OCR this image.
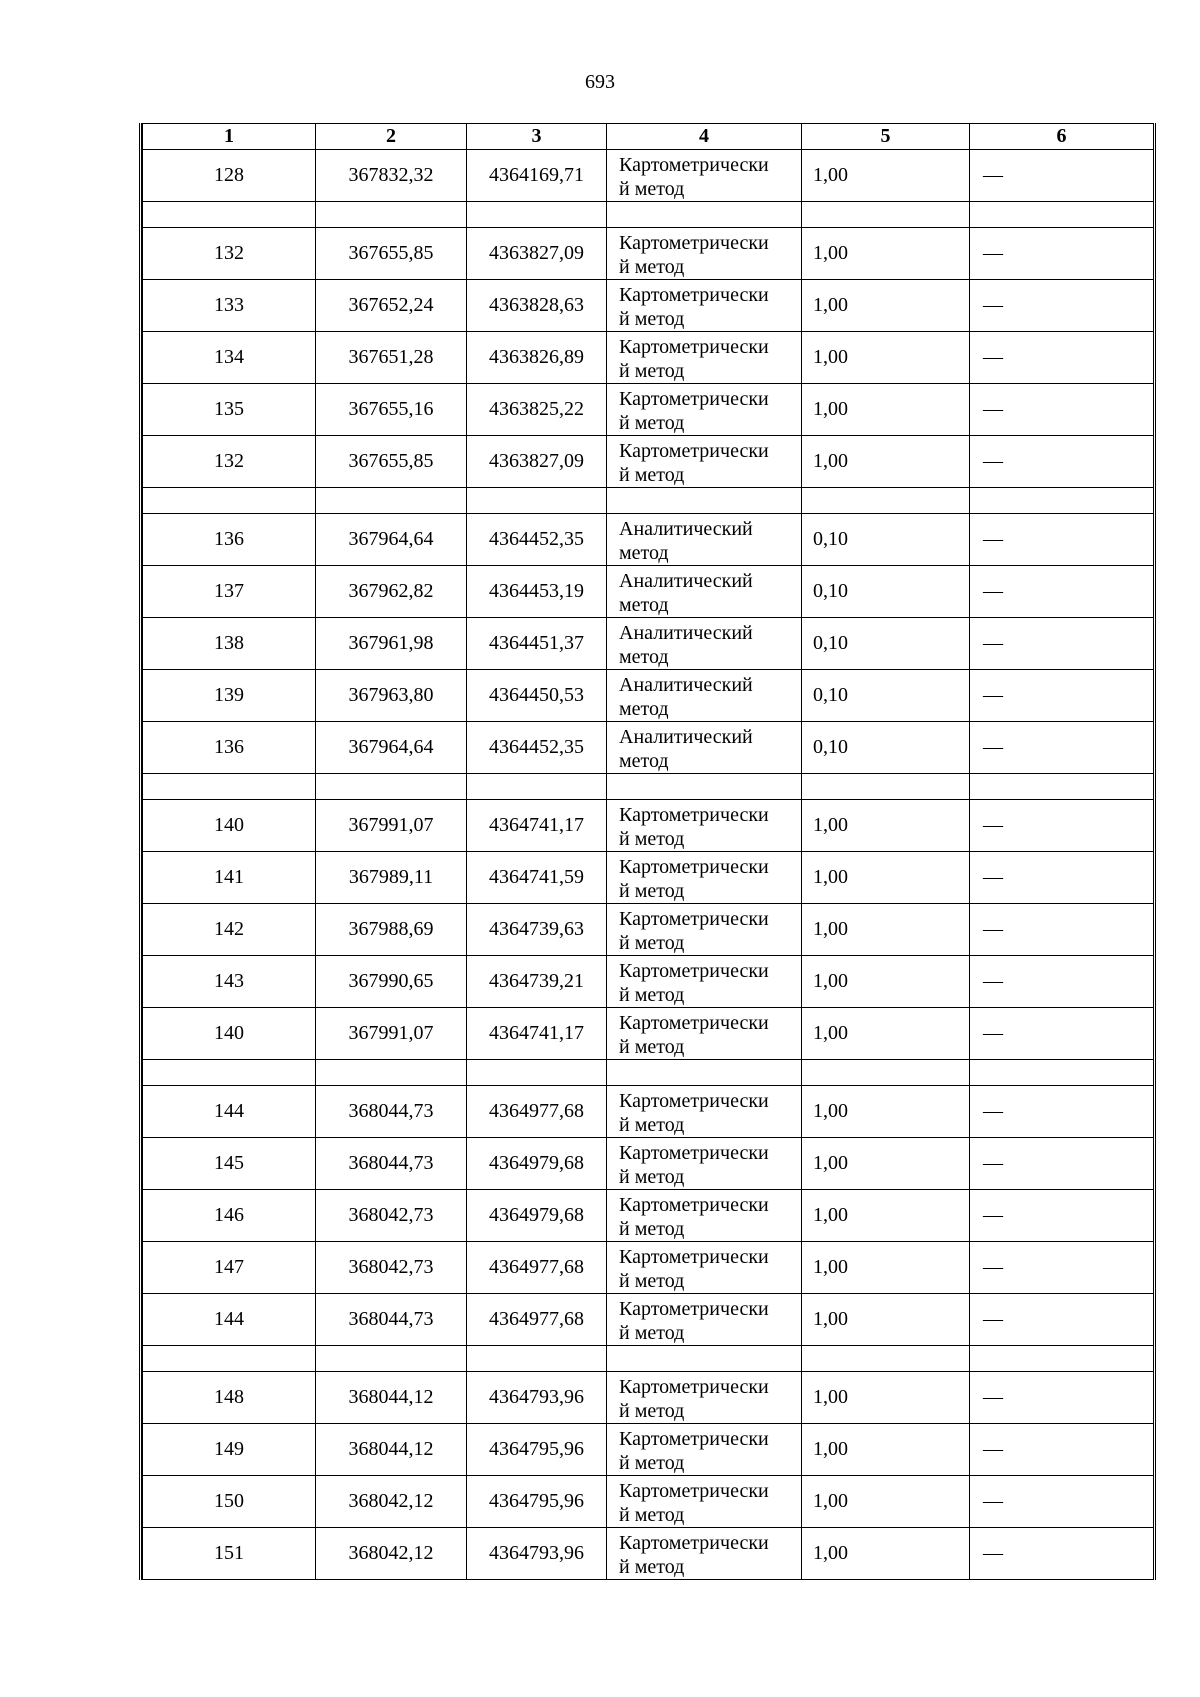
693
1	2	3	4	5	6
128	367832,32	4364169,71	Картометрически
й метод	1,00	—

132	367655,85	4363827,09	Картометрически
й метод	1,00	—
133	367652,24	4363828,63	Картометрически
й метод	1,00	—
134	367651,28	4363826,89	Картометрически
й метод	1,00	—
135	367655,16	4363825,22	Картометрически
й метод	1,00	—
132	367655,85	4363827,09	Картометрически
й метод	1,00	—

136	367964,64	4364452,35	Аналитический
метод	0,10	—
137	367962,82	4364453,19	Аналитический
метод	0,10	—
138	367961,98	4364451,37	Аналитический
метод	0,10	—
139	367963,80	4364450,53	Аналитический
метод	0,10	—
136	367964,64	4364452,35	Аналитический
метод	0,10	—

140	367991,07	4364741,17	Картометрически
й метод	1,00	—
141	367989,11	4364741,59	Картометрически
й метод	1,00	—
142	367988,69	4364739,63	Картометрически
й метод	1,00	—
143	367990,65	4364739,21	Картометрически
й метод	1,00	—
140	367991,07	4364741,17	Картометрически
й метод	1,00	—

144	368044,73	4364977,68	Картометрически
й метод	1,00	—
145	368044,73	4364979,68	Картометрически
й метод	1,00	—
146	368042,73	4364979,68	Картометрически
й метод	1,00	—
147	368042,73	4364977,68	Картометрически
й метод	1,00	—
144	368044,73	4364977,68	Картометрически
й метод	1,00	—

148	368044,12	4364793,96	Картометрически
й метод	1,00	—
149	368044,12	4364795,96	Картометрически
й метод	1,00	—
150	368042,12	4364795,96	Картометрически
й метод	1,00	—
151	368042,12	4364793,96	Картометрически
й метод	1,00	—
